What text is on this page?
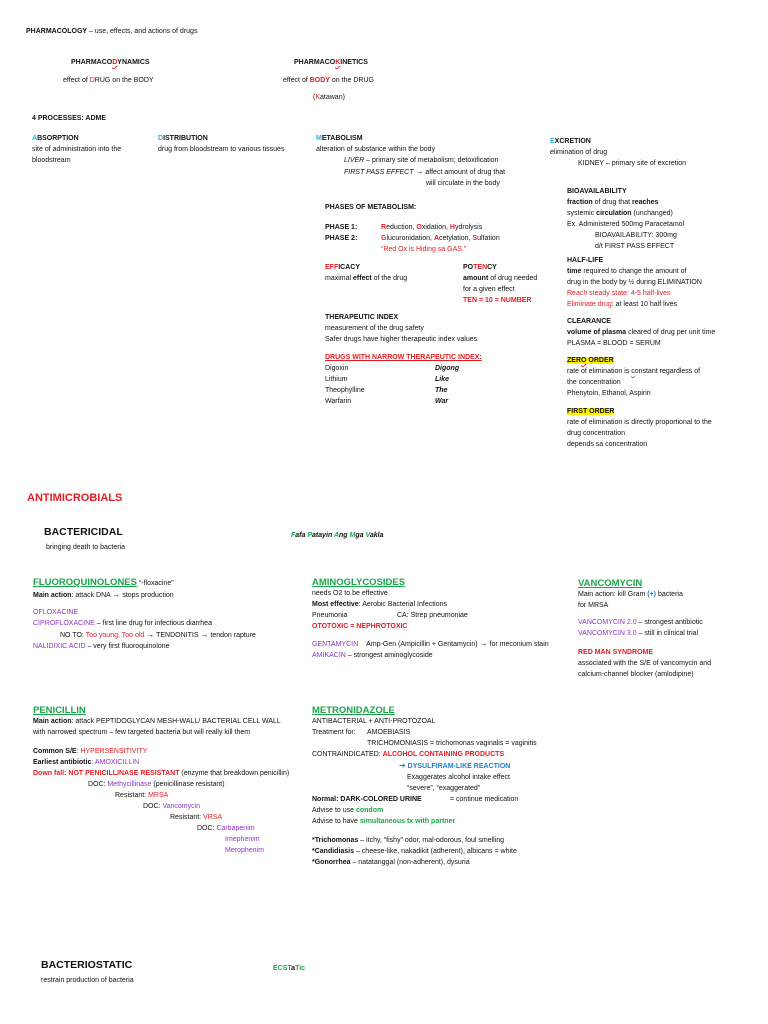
PHARMACOLOGY – use, effects, and actions of drugs
PHARMACODYNAMICS
effect of DRUG on the BODY
PHARMACOKINETICS
effect of BODY on the DRUG
(Katawan)
4 PROCESSES: ADME
ABSORPTION
site of administration into the
bloodstream
DISTRIBUTION
drug from bloodstream to various tissues
METABOLISM
alteration of substance within the body
LIVER – primary site of metabolism; detoxification
FIRST PASS EFFECT → affect amount of drug that
will circulate in the body
EXCRETION
elimination of drug
KIDNEY – primary site of excretion
PHASES OF METABOLISM:
PHASE 1:	Reduction, Oxidation, Hydrolysis
PHASE 2:	Glucuronidation, Acetylation, Sulfation
“Red Ox is Hiding sa GAS.”
EFFICACY
maximal effect of the drug
POTENCY
amount of drug needed
for a given effect
TEN = 10 = NUMBER
THERAPEUTIC INDEX
measurement of the drug safety
Safer drugs have higher therapeutic index values
DRUGS WITH NARROW THERAPEUTIC INDEX:
Digoxin	Digong
Lithium	Like
Theophylline	The
Warfarin	War
BIOAVAILABILITY
fraction of drug that reaches
systemic circulation (unchanged)
Ex. Administered 500mg Paracetamol
BIOAVAILABILITY: 300mg
d/t FIRST PASS EFFECT
HALF-LIFE
time required to change the amount of
drug in the body by ½ during ELIMINATION
Reach steady state: 4-5 half-lives
Eliminate drug: at least 10 half lives
CLEARANCE
volume of plasma cleared of drug per unit time
PLASMA = BLOOD = SERUM
ZERO ORDER
rate of elimination is constant regardless of
the concentration
Phenytoin, Ethanol, Aspirin
FIRST ORDER
rate of elimination is directly proportional to the
drug concentration
depends sa concentration
ANTIMICROBIALS
BACTERICIDAL
bringing death to bacteria
Fafa Patayin Ang Mga Vakla
FLUOROQUINOLONES “-floxacine”
Main action: attack DNA → stops production
OFLOXACINE
CIPROFLOXACINE – first line drug for infectious diarrhea
NO TO: Too young, Too old → TENDONITIS → tendon rapture
NALIDIXIC ACID – very first fluoroquinolone
AMINOGLYCOSIDES
needs O2 to be effective
Most effective: Aerobic Bacterial Infections
Pneumonia	CA: Strep pneumoniae
OTOTOXIC = NEPHROTOXIC
GENTAMYCIN Amp-Gen (Ampicillin + Gentamycin) → for meconium stain
AMIKACIN – strongest aminoglycoside
VANCOMYCIN
Main action: kill Gram (+) bacteria
for MRSA
VANCOMYCIN 2.0 – strongest antibiotic
VANCOMYCIN 3.0 – still in clinical trial
RED MAN SYNDROME
associated with the S/E of vancomycin and
calcium-channel blocker (amlodipine)
PENICILLIN
Main action: attack PEPTIDOGLYCAN MESH-WALL/ BACTERIAL CELL WALL
with narrowed spectrum – few targeted bacteria but will really kill them
Common S/E: HYPERSENSITIVITY
Earliest antibiotic: AMOXICILLIN
Down fall: NOT PENICILLINASE RESISTANT (enzyme that breakdown penicillin)
DOC: Methycillinase (penicillinase resistant)
Resistant: MRSA
DOC: Vancomycin
Resistant: VRSA
DOC: Carbapenim
Imephenim
Merophenim
METRONIDAZOLE
ANTIBACTERIAL + ANTI-PROTOZOAL
Treatment for: AMOEBIASIS
TRICHOMONIASIS = trichomonas vaginalis = vaginitis
CONTRAINDICATED: ALCOHOL CONTAINING PRODUCTS
➔ DYSULFIRAM-LIKE REACTION
Exaggerates alcohol intake effect
“severe”, “exaggerated”
Normal: DARK-COLORED URINE	= continue medication
Advise to use condom
Advise to have simultaneous tx with partner
*Trichomonas – itchy, “fishy” odor, mal-odorous, foul smelling
*Candidiasis – cheese-like, nakadikit (adherent), albicans = white
*Gonorrhea – natatanggal (non-adherent), dysuria
BACTERIOSTATIC
restrain production of bacteria
ECSTaTic
